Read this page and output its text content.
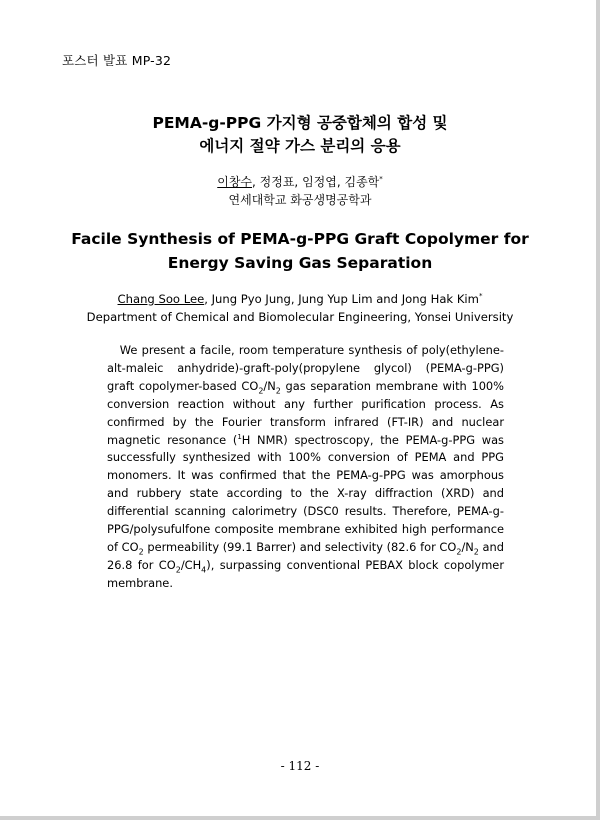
포스터 발표 MP-32
PEMA-g-PPG 가지형 공중합체의 합성 및
에너지 절약 가스 분리의 응용
이창수, 정정표, 임정엽, 김종학*
연세대학교 화공생명공학과
Facile Synthesis of PEMA-g-PPG Graft Copolymer for
Energy Saving Gas Separation
Chang Soo Lee, Jung Pyo Jung, Jung Yup Lim and Jong Hak Kim*
Department of Chemical and Biomolecular Engineering, Yonsei University

We present a facile, room temperature synthesis of poly(ethylene-alt-maleic anhydride)-graft-poly(propylene glycol) (PEMA-g-PPG) graft copolymer-based $CO_2/N_2$ gas separation membrane with 100% conversion reaction without any further purification process. As confirmed by the Fourier transform infrared (FT-IR) and nuclear magnetic resonance ($^1$H NMR) spectroscopy, the PEMA-g-PPG was successfully synthesized with 100% conversion of PEMA and PPG monomers. It was confirmed that the PEMA-g-PPG was amorphous and rubbery state according to the X-ray diffraction (XRD) and differential scanning calorimetry (DSC0 results. Therefore, PEMA-g-PPG/polysufulfone composite membrane exhibited high performance of $CO_2$ permeability (99.1 Barrer) and selectivity (82.6 for $CO_2/N_2$ and 26.8 for $CO_2/CH_4$), surpassing conventional PEBAX block copolymer membrane.

- 112 -
